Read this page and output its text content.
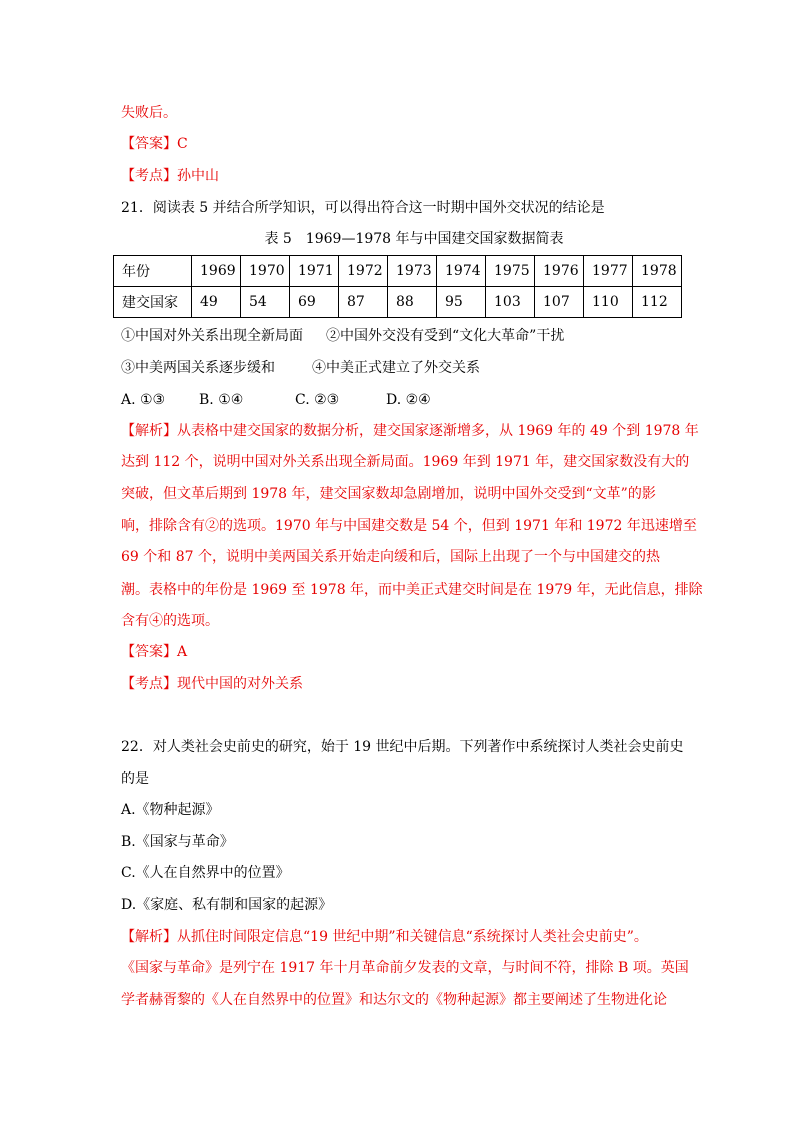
失败后。
【答案】C
【考点】孙中山
21．阅读表 5 并结合所学知识，可以得出符合这一时期中国外交状况的结论是
表 5　1969—1978 年与中国建交国家数据简表
年份	1969	1970	1971	1972	1973	1974	1975	1976	1977	1978
建交国家	49	54	69	87	88	95	103	107	110	112
①中国对外关系出现全新局面 ②中国外交没有受到“文化大革命”干扰
③中美两国关系逐步缓和	④中美正式建立了外交关系
A. ①③ B. ①④	C. ②③	D. ②④
【解析】从表格中建交国家的数据分析，建交国家逐渐增多，从 1969 年的 49 个到 1978 年
达到 112 个，说明中国对外关系出现全新局面。1969 年到 1971 年，建交国家数没有大的
突破，但文革后期到 1978 年，建交国家数却急剧增加，说明中国外交受到“文革”的影
响，排除含有②的选项。1970 年与中国建交数是 54 个，但到 1971 年和 1972 年迅速增至
69 个和 87 个，说明中美两国关系开始走向缓和后，国际上出现了一个与中国建交的热
潮。表格中的年份是 1969 至 1978 年，而中美正式建交时间是在 1979 年，无此信息，排除
含有④的选项。
【答案】A
【考点】现代中国的对外关系
22．对人类社会史前史的研究，始于 19 世纪中后期。下列著作中系统探讨人类社会史前史
的是
A.《物种起源》
B.《国家与革命》
C.《人在自然界中的位置》
D.《家庭、私有制和国家的起源》
【解析】从抓住时间限定信息“19 世纪中期”和关键信息“系统探讨人类社会史前史”。
《国家与革命》是列宁在 1917 年十月革命前夕发表的文章，与时间不符，排除 B 项。英国
学者赫胥黎的《人在自然界中的位置》和达尔文的《物种起源》都主要阐述了生物进化论
